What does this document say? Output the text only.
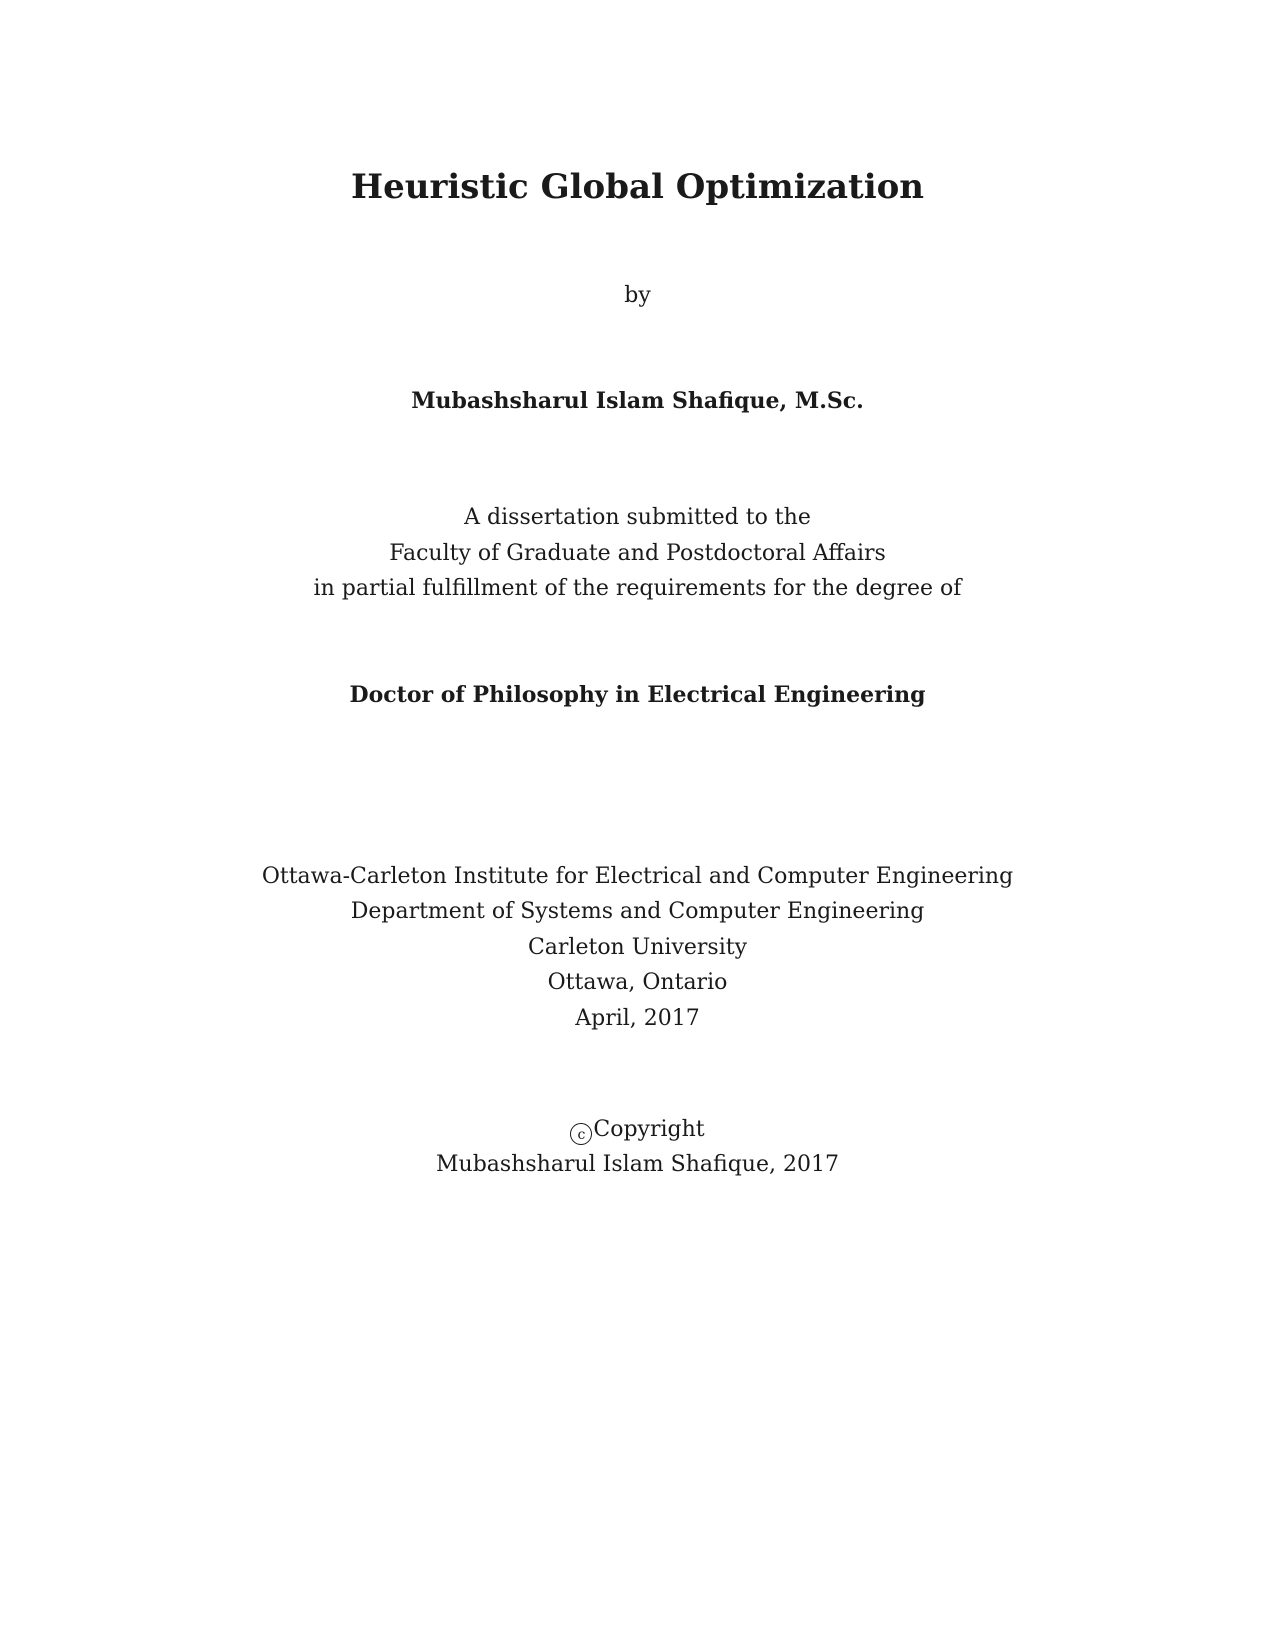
Heuristic Global Optimization
by
Mubashsharul Islam Shafique, M.Sc.
A dissertation submitted to the
Faculty of Graduate and Postdoctoral Affairs
in partial fulfillment of the requirements for the degree of
Doctor of Philosophy in Electrical Engineering
Ottawa-Carleton Institute for Electrical and Computer Engineering
Department of Systems and Computer Engineering
Carleton University
Ottawa, Ontario
April, 2017
c Copyright
Mubashsharul Islam Shafique, 2017
